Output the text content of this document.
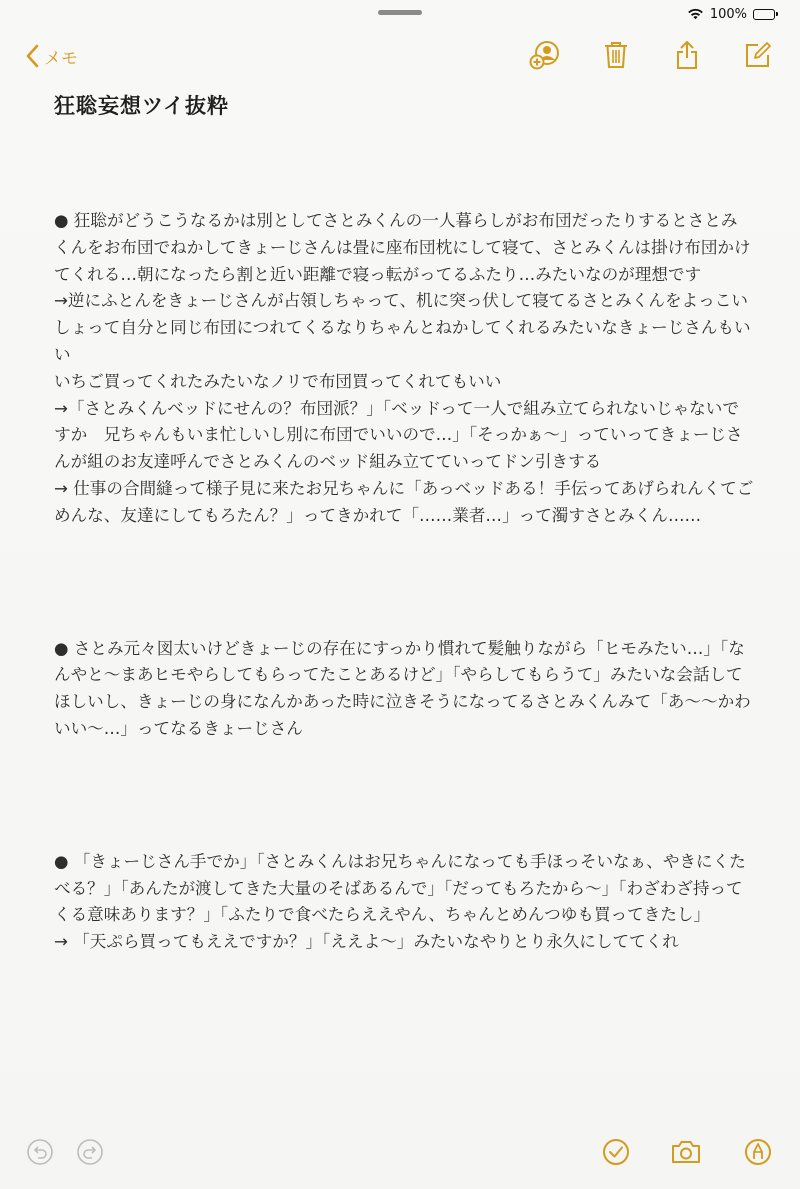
100%
メモ
狂聡妄想ツイ抜粋

● 狂聡がどうこうなるかは別としてさとみくんの一人暮らしがお布団だったりするとさとみくんをお布団でねかしてきょーじさんは畳に座布団枕にして寝て、さとみくんは掛け布団かけてくれる…朝になったら割と近い距離で寝っ転がってるふたり…みたいなのが理想です

→逆にふとんをきょーじさんが占領しちゃって、机に突っ伏して寝てるさとみくんをよっこいしょって自分と同じ布団につれてくるなりちゃんとねかしてくれるみたいなきょーじさんもいい

いちご買ってくれたみたいなノリで布団買ってくれてもいい

→「さとみくんベッドにせんの？布団派？」「ベッドって一人で組み立てられないじゃないですか　兄ちゃんもいま忙しいし別に布団でいいので…」「そっかぁ〜」っていってきょーじさんが組のお友達呼んでさとみくんのベッド組み立てていってドン引きする

→ 仕事の合間縫って様子見に来たお兄ちゃんに「あっベッドある！手伝ってあげられんくてごめんな、友達にしてもろたん？」ってきかれて「……業者…」って濁すさとみくん……

● さとみ元々図太いけどきょーじの存在にすっかり慣れて髪触りながら「ヒモみたい…」「なんやと〜まあヒモやらしてもらってたことあるけど」「やらしてもらうて」みたいな会話してほしいし、きょーじの身になんかあった時に泣きそうになってるさとみくんみて「あ〜〜かわいい〜…」ってなるきょーじさん

● 「きょーじさん手でか」「さとみくんはお兄ちゃんになっても手ほっそいなぁ、やきにくたべる？」「あんたが渡してきた大量のそばあるんで」「だってもろたから〜」「わざわざ持ってくる意味あります？」「ふたりで食べたらええやん、ちゃんとめんつゆも買ってきたし」

→ 「天ぷら買ってもええですか？」「ええよ〜」みたいなやりとり永久にしててくれ
